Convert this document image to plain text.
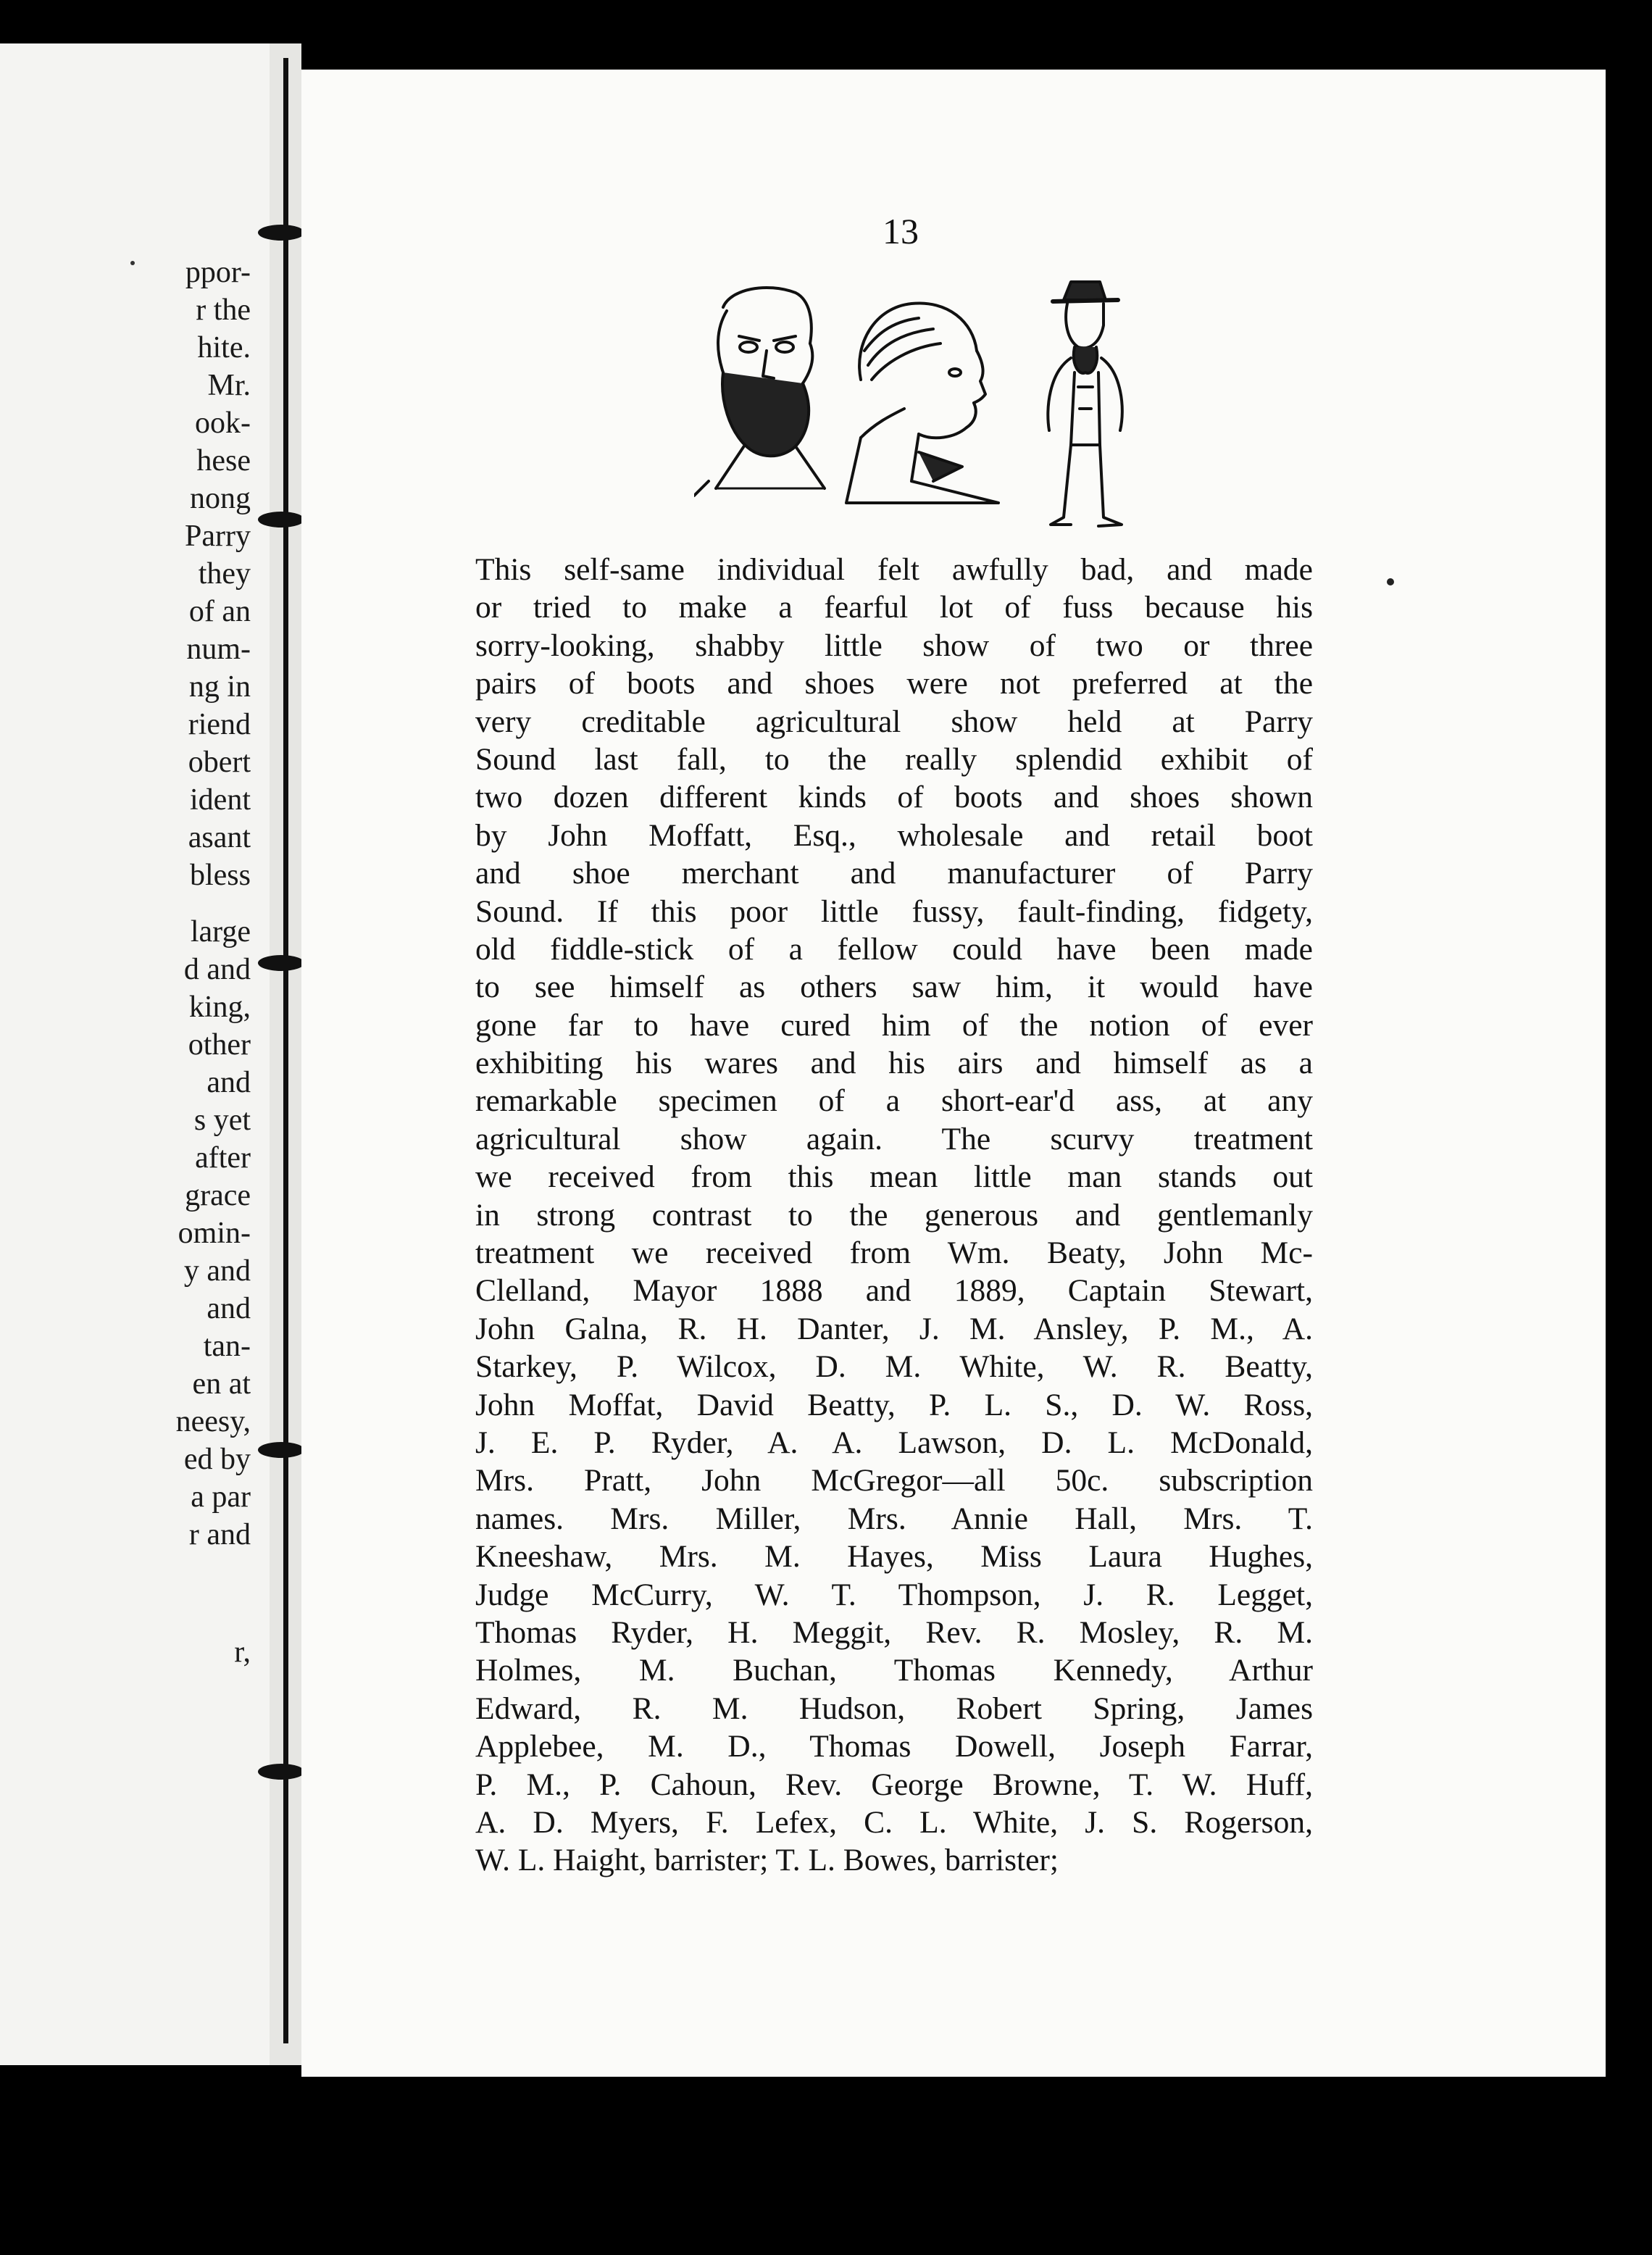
ppor-
r the
hite.
Mr.
ook-
hese
nong
Parry
they
of an
num-
ng in
riend
obert
ident
asant
bless
large
d and
king,
other
and
s yet
after
grace
omin-
y and
and
tan-
en at
neesy,
ed by
a par
r and
r,
13
This self-same individual felt awfully bad, and made
or tried to make a fearful lot of fuss because his
sorry-looking, shabby little show of two or three
pairs of boots and shoes were not preferred at the
very creditable agricultural show held at Parry
Sound last fall, to the really splendid exhibit of
two dozen different kinds of boots and shoes shown
by John Moffatt, Esq., wholesale and retail boot
and shoe merchant and manufacturer of Parry
Sound. If this poor little fussy, fault-finding, fidgety,
old fiddle-stick of a fellow could have been made
to see himself as others saw him, it would have
gone far to have cured him of the notion of ever
exhibiting his wares and his airs and himself as a
remarkable specimen of a short-ear'd ass, at any
agricultural show again. The scurvy treatment
we received from this mean little man stands out
in strong contrast to the generous and gentlemanly
treatment we received from Wm. Beaty, John Mc-
Clelland, Mayor 1888 and 1889, Captain Stewart,
John Galna, R. H. Danter, J. M. Ansley, P. M., A.
Starkey, P. Wilcox, D. M. White, W. R. Beatty,
John Moffat, David Beatty, P. L. S., D. W. Ross,
J. E. P. Ryder, A. A. Lawson, D. L. McDonald,
Mrs. Pratt, John McGregor—all 50c. subscription
names. Mrs. Miller, Mrs. Annie Hall, Mrs. T.
Kneeshaw, Mrs. M. Hayes, Miss Laura Hughes,
Judge McCurry, W. T. Thompson, J. R. Legget,
Thomas Ryder, H. Meggit, Rev. R. Mosley, R. M.
Holmes, M. Buchan, Thomas Kennedy, Arthur
Edward, R. M. Hudson, Robert Spring, James
Applebee, M. D., Thomas Dowell, Joseph Farrar,
P. M., P. Cahoun, Rev. George Browne, T. W. Huff,
A. D. Myers, F. Lefex, C. L. White, J. S. Rogerson,
W. L. Haight, barrister; T. L. Bowes, barrister;
